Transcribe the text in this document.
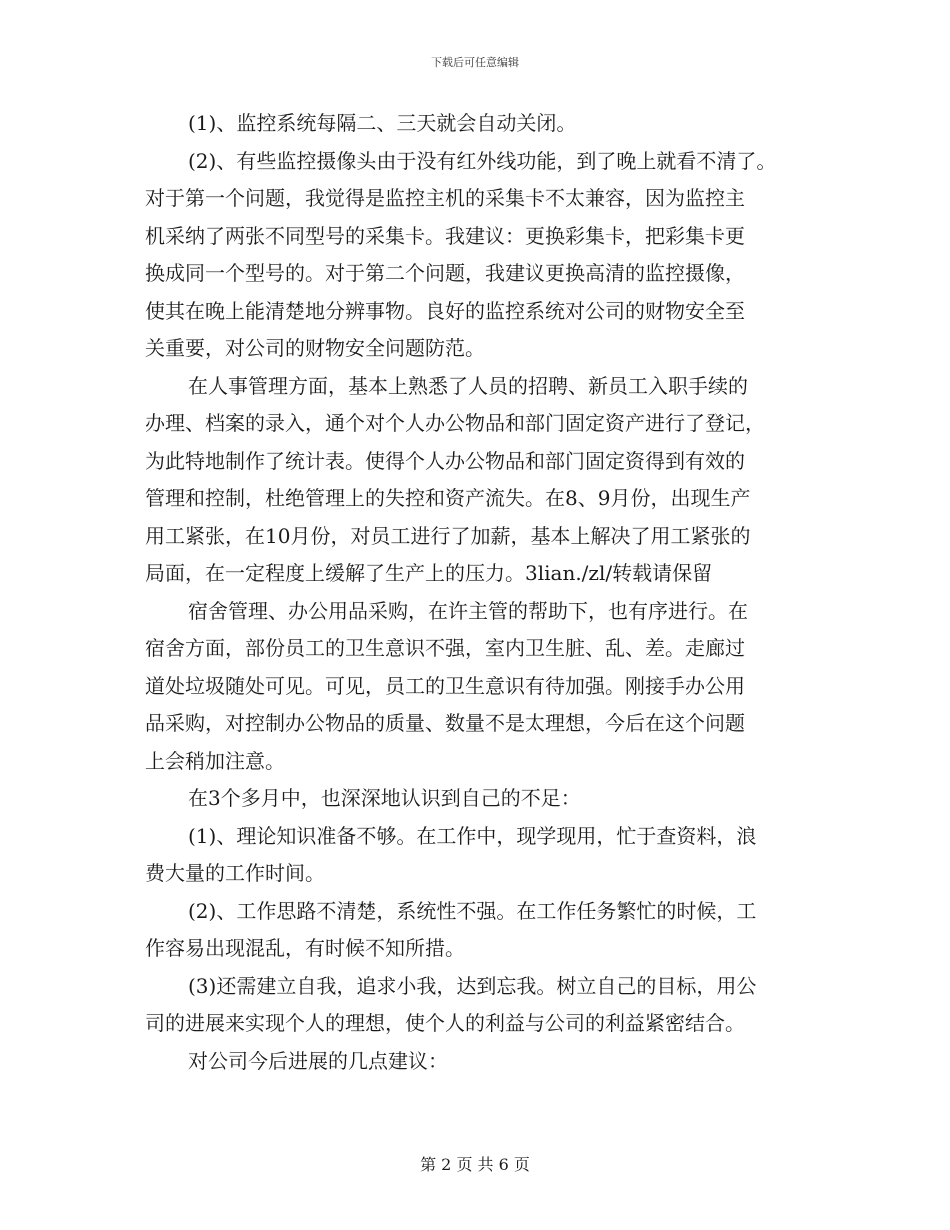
下载后可任意编辑
(1)、监控系统每隔二、三天就会自动关闭。
(2)、有些监控摄像头由于没有红外线功能，到了晚上就看不清了。
对于第一个问题，我觉得是监控主机的采集卡不太兼容，因为监控主
机采纳了两张不同型号的采集卡。我建议：更换彩集卡，把彩集卡更
换成同一个型号的。对于第二个问题，我建议更换高清的监控摄像，
使其在晚上能清楚地分辨事物。良好的监控系统对公司的财物安全至
关重要，对公司的财物安全问题防范。
在人事管理方面，基本上熟悉了人员的招聘、新员工入职手续的
办理、档案的录入，通个对个人办公物品和部门固定资产进行了登记，
为此特地制作了统计表。使得个人办公物品和部门固定资得到有效的
管理和控制，杜绝管理上的失控和资产流失。在8、9月份，出现生产
用工紧张，在10月份，对员工进行了加薪，基本上解决了用工紧张的
局面，在一定程度上缓解了生产上的压力。3lian./zl/转载请保留
宿舍管理、办公用品采购，在许主管的帮助下，也有序进行。在
宿舍方面，部份员工的卫生意识不强，室内卫生脏、乱、差。走廊过
道处垃圾随处可见。可见，员工的卫生意识有待加强。刚接手办公用
品采购，对控制办公物品的质量、数量不是太理想，今后在这个问题
上会稍加注意。
在3个多月中，也深深地认识到自己的不足：
(1)、理论知识准备不够。在工作中，现学现用，忙于查资料，浪
费大量的工作时间。
(2)、工作思路不清楚，系统性不强。在工作任务繁忙的时候，工
作容易出现混乱，有时候不知所措。
(3)还需建立自我，追求小我，达到忘我。树立自己的目标，用公
司的进展来实现个人的理想，使个人的利益与公司的利益紧密结合。
对公司今后进展的几点建议：
第 2 页 共 6 页
